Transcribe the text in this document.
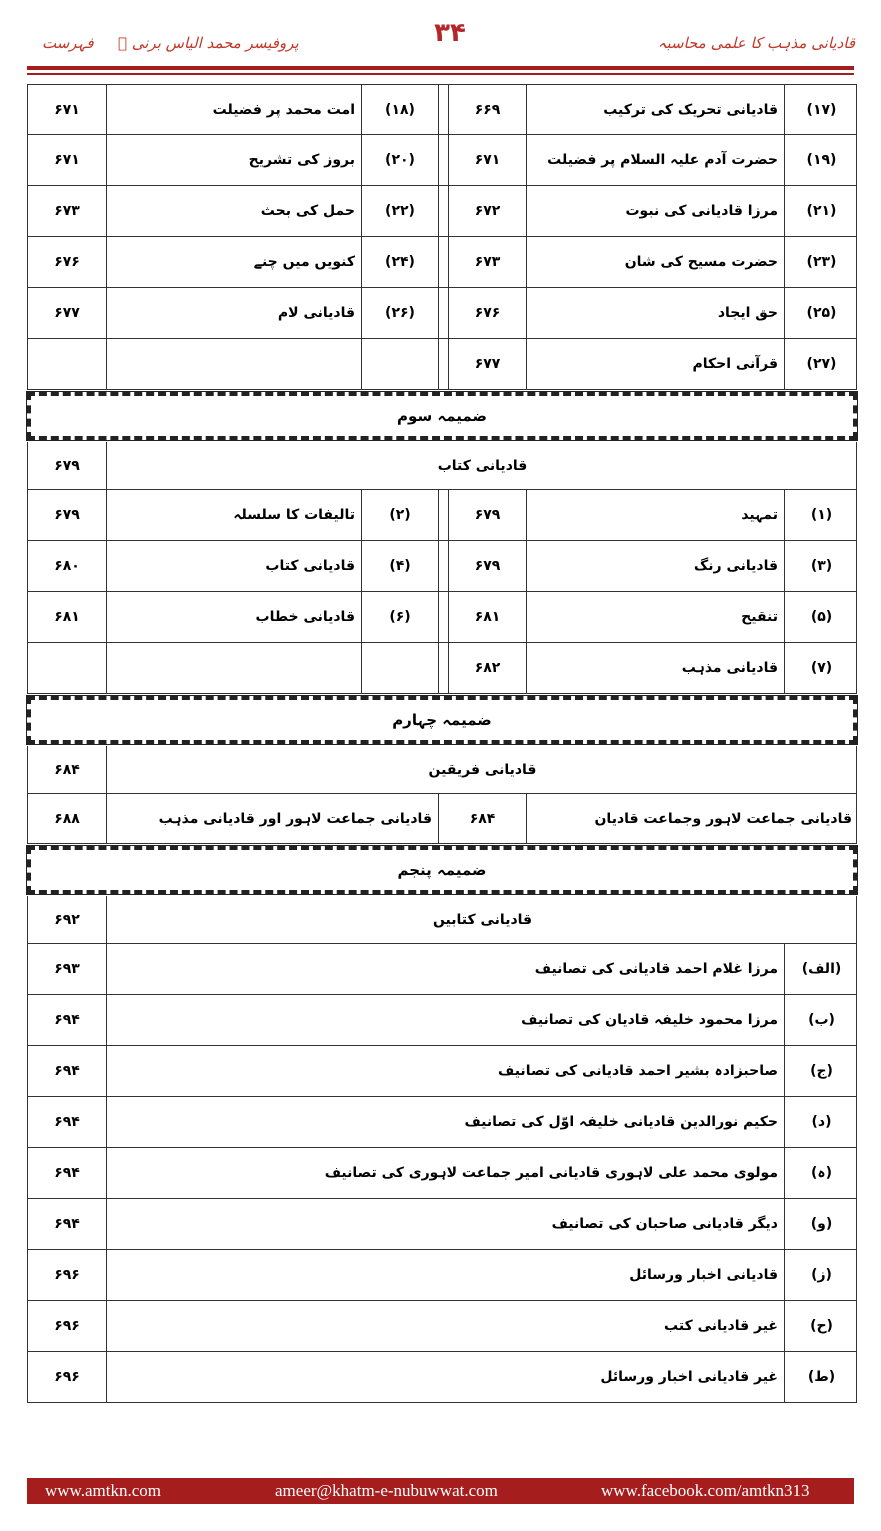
قادیانی مذہب کا علمی محاسبہ
۳۴
پروفیسر محمد الیاس برنی ﷫
فہرست
۶۷۱	امت محمد پر فضیلت	(۱۸)	۶۶۹	قادیانی تحریک کی ترکیب	(۱۷)
۶۷۱	بروز کی تشریح	(۲۰)	۶۷۱	حضرت آدم علیہ السلام پر فضیلت	(۱۹)
۶۷۳	حمل کی بحث	(۲۲)	۶۷۲	مرزا قادیانی کی نبوت	(۲۱)
۶۷۶	کنویں میں چنے	(۲۴)	۶۷۳	حضرت مسیح کی شان	(۲۳)
۶۷۷	قادیانی لام	(۲۶)	۶۷۶	حق ایجاد	(۲۵)
۶۷۷	قرآنی احکام	(۲۷)
ضمیمہ سوم
۶۷۹	قادیانی کتاب
۶۷۹	تالیفات کا سلسلہ	(۲)	۶۷۹	تمہید	(۱)
۶۸۰	قادیانی کتاب	(۴)	۶۷۹	قادیانی رنگ	(۳)
۶۸۱	قادیانی خطاب	(۶)	۶۸۱	تنقیح	(۵)
۶۸۲	قادیانی مذہب	(۷)
ضمیمہ چہارم
۶۸۴	قادیانی فریقین
۶۸۸	قادیانی جماعت لاہور اور قادیانی مذہب	۶۸۴	قادیانی جماعت لاہور وجماعت قادیان
ضمیمہ پنجم
۶۹۲	قادیانی کتابیں
۶۹۳	مرزا غلام احمد قادیانی کی تصانیف	(الف)
۶۹۴	مرزا محمود خلیفہ قادیان کی تصانیف	(ب)
۶۹۴	صاحبزادہ بشیر احمد قادیانی کی تصانیف	(ج)
۶۹۴	حکیم نورالدین قادیانی خلیفہ اوّل کی تصانیف	(د)
۶۹۴	مولوی محمد علی لاہوری قادیانی امیر جماعت لاہوری کی تصانیف	(ہ)
۶۹۴	دیگر قادیانی صاحبان کی تصانیف	(و)
۶۹۶	قادیانی اخبار ورسائل	(ز)
۶۹۶	غیر قادیانی کتب	(ح)
۶۹۶	غیر قادیانی اخبار ورسائل	(ط)
www.amtkn.com	ameer@khatm-e-nubuwwat.com	www.facebook.com/amtkn313
